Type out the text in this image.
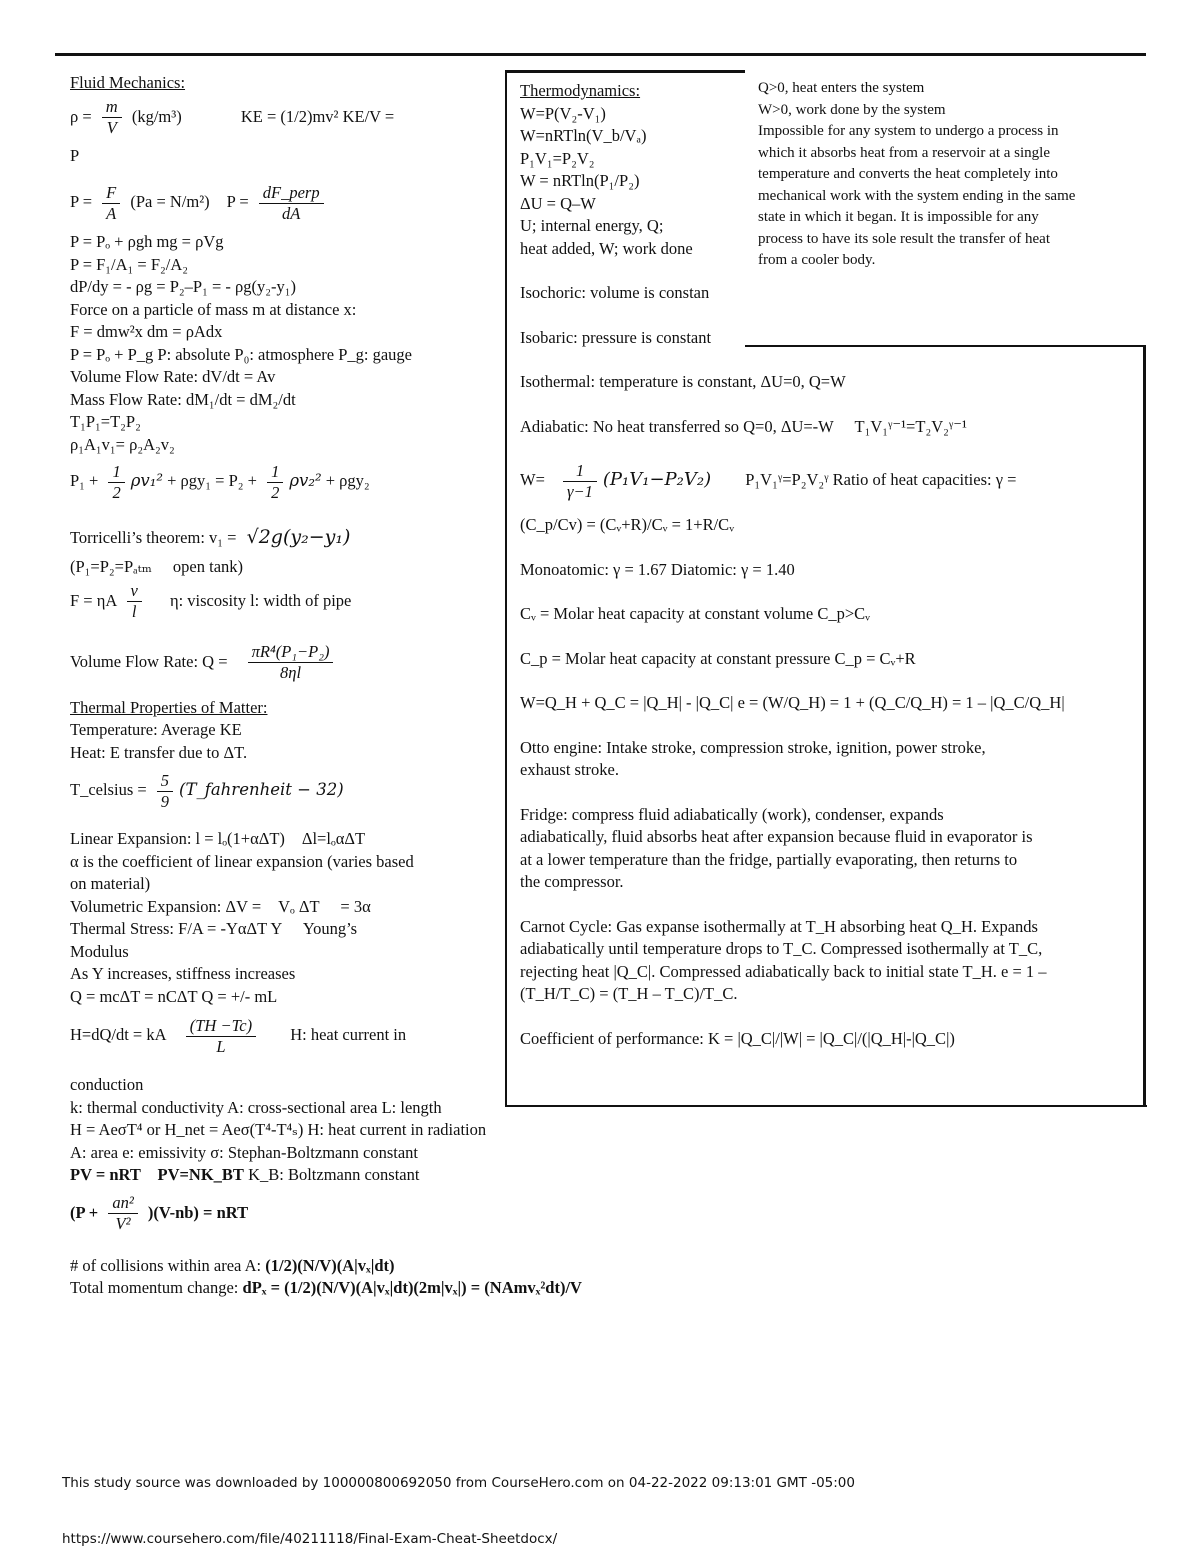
Fluid Mechanics:
$\rho = \frac{m}{V} (kg/m^3)$	KE = (1/2)mv² KE/V =
P
$P = \frac{F}{A} (Pa = N/m^2) P = \frac{\text{dF\_perp}}{dA}$
P = Pₒ + ρgh mg = ρVg
P = F₁/A₁ = F₂/A₂
dP/dy = - ρg = P₂–P₁ = - ρg(y₂-y₁)
Force on a particle of mass m at distance x:
F = dmw²x dm = ρAdx
P = Pₒ + P_g P: absolute P₀: atmosphere P_g: gauge
Volume Flow Rate: dV/dt = Av
Mass Flow Rate: dM₁/dt = dM₂/dt
T₁P₁=T₂P₂
ρ₁A₁v₁= ρ₂A₂v₂
$P_1 + \frac{1}{2} \rho v_1^2 + \rho gy_1 = P_2 + \frac{1}{2} \rho v_2^2 + \rho gy_2$
Torricelli’s theorem: v₁ = √2g(y₂−y₁)
(P₁=P₂=Pₐₜₘ open tank)
F = ηA $\frac{v}{l} \eta$: viscosity l: width of pipe
Volume Flow Rate: $Q = \frac{\text{πR⁴(P₁−P₂)}}{8\eta l}$
Thermal Properties of Matter:
Temperature: Average KE
Heat: E transfer due to ΔT.
T_celsius = $\frac{5}{9}$ (T_fahrenheit − 32)
Linear Expansion: l = lₒ(1+αΔT) Δl=lₒαΔT
α is the coefficient of linear expansion (varies based
on material)
Volumetric Expansion: ΔV = Vₒ ΔT = 3α
Thermal Stress: F/A = -YαΔT Y Young’s
Modulus
As Y increases, stiffness increases
Q = mcΔT = nCΔT Q = +/- mL
H=dQ/dt = kA $\frac{(TH -Tc)}{L} H$: heat current in
conduction
k: thermal conductivity A: cross-sectional area L: length
H = AeσT⁴ or H_net = Aeσ(T⁴-T⁴ₛ) H: heat current in radiation
A: area e: emissivity σ: Stephan-Boltzmann constant
PV = nRT PV=NK_BT K_B: Boltzmann constant
$(P + \frac{\text{an²}}{\text{V²}} )(V-nb)$ = nRT
# of collisions within area A: (1/2)(N/V)(A|vₓ|dt)
Total momentum change: dPₓ = (1/2)(N/V)(A|vₓ|dt)(2m|vₓ|) = (NAmvₓ²dt)/V
Thermodynamics:
W=P(V₂-V₁)
W=nRTln(V_b/Vₐ)
P₁V₁=P₂V₂
W = nRTln(P₁/P₂)
ΔU = Q–W
U; internal energy, Q;
heat added, W; work done
Isochoric: volume is constan
Isobaric: pressure is constant
Isothermal: temperature is constant, ΔU=0, Q=W
Adiabatic: No heat transferred so Q=0, ΔU=-W T₁V₁ᵞ⁻¹=T₂V₂ᵞ⁻¹
$W= \frac{1}{\gamma-1} (P_1V_1-P_2V_2)$ P₁V₁ᵞ=P₂V₂ᵞ Ratio of heat capacities: γ =
(C_p/Cv) = (Cᵥ+R)/Cᵥ = 1+R/Cᵥ
Monoatomic: γ = 1.67 Diatomic: γ = 1.40
Cᵥ = Molar heat capacity at constant volume C_p>Cᵥ
C_p = Molar heat capacity at constant pressure C_p = Cᵥ+R
W=Q_H + Q_C = |Q_H| - |Q_C| e = (W/Q_H) = 1 + (Q_C/Q_H) = 1 – |Q_C/Q_H|
Otto engine: Intake stroke, compression stroke, ignition, power stroke,
exhaust stroke.
Fridge: compress fluid adiabatically (work), condenser, expands
adiabatically, fluid absorbs heat after expansion because fluid in evaporator is
at a lower temperature than the fridge, partially evaporating, then returns to
the compressor.
Carnot Cycle: Gas expanse isothermally at T_H absorbing heat Q_H. Expands
adiabatically until temperature drops to T_C. Compressed isothermally at T_C,
rejecting heat |Q_C|. Compressed adiabatically back to initial state T_H. e = 1 –
(T_H/T_C) = (T_H – T_C)/T_C.
Coefficient of performance: K = |Q_C|/|W| = |Q_C|/(|Q_H|-|Q_C|)
Q>0, heat enters the system
W>0, work done by the system
Impossible for any system to undergo a process in
which it absorbs heat from a reservoir at a single
temperature and converts the heat completely into
mechanical work with the system ending in the same
state in which it began. It is impossible for any
process to have its sole result the transfer of heat
from a cooler body.
This study source was downloaded by 100000800692050 from CourseHero.com on 04-22-2022 09:13:01 GMT -05:00
https://www.coursehero.com/file/40211118/Final-Exam-Cheat-Sheetdocx/
